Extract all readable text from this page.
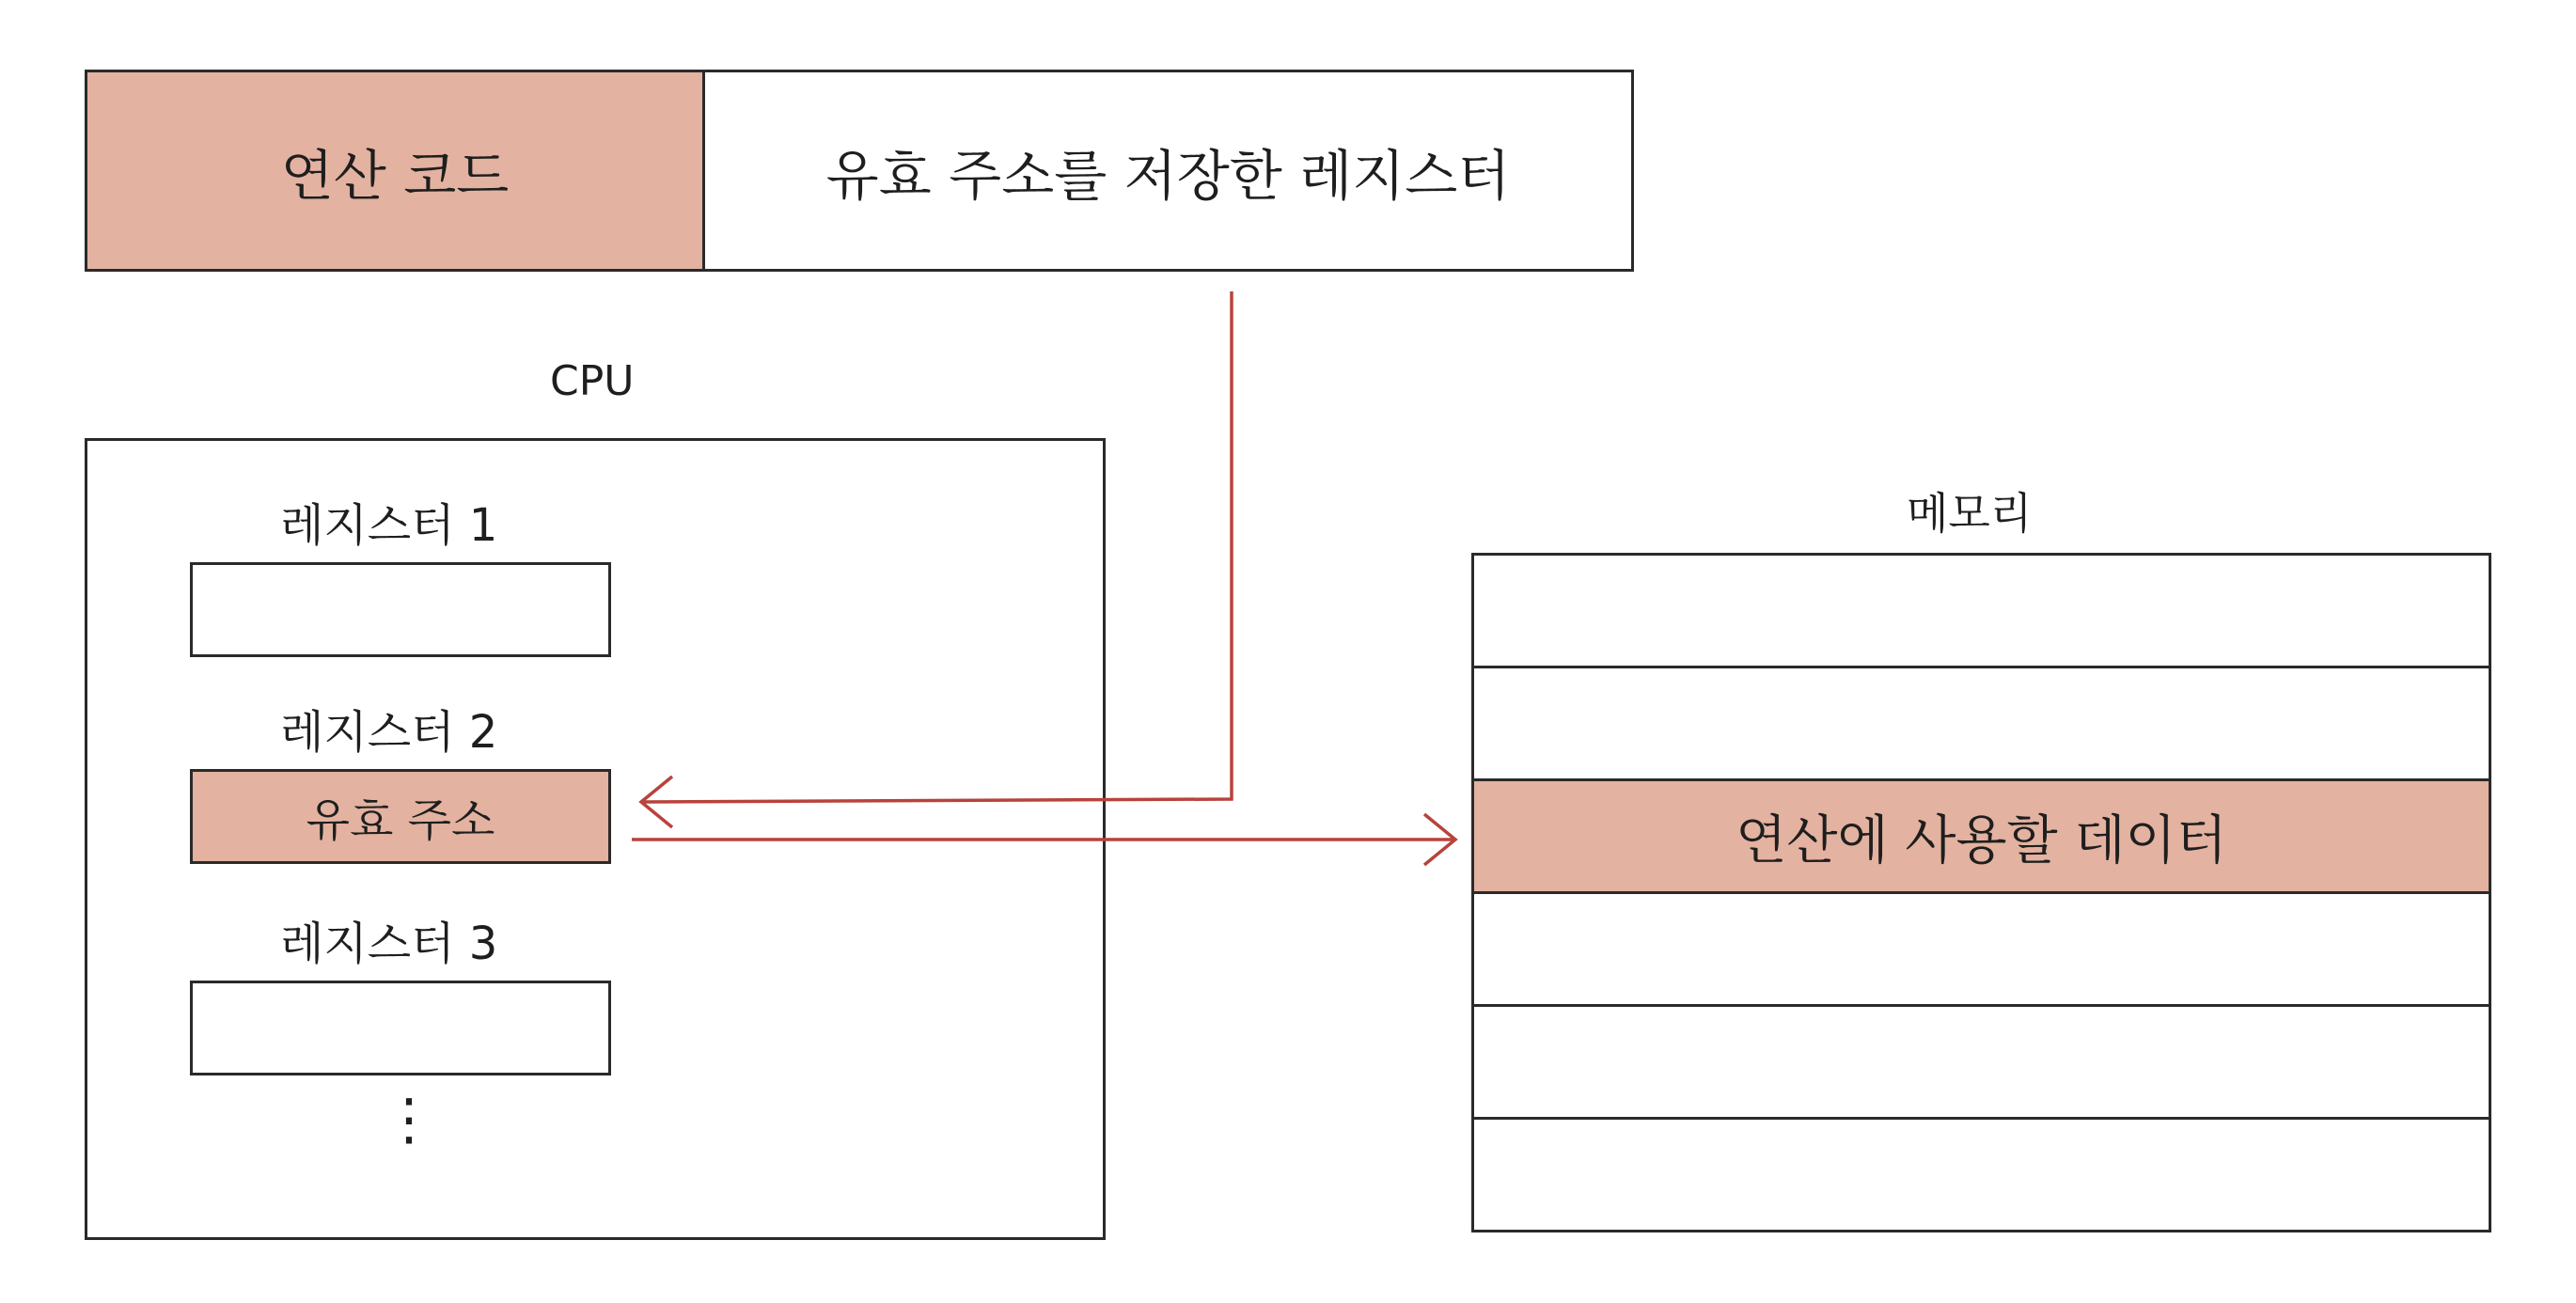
연산 코드	유효 주소를 저장한 레지스터
CPU
레지스터 1
레지스터 2
유효 주소
레지스터 3
⋮
메모리
연산에 사용할 데이터
